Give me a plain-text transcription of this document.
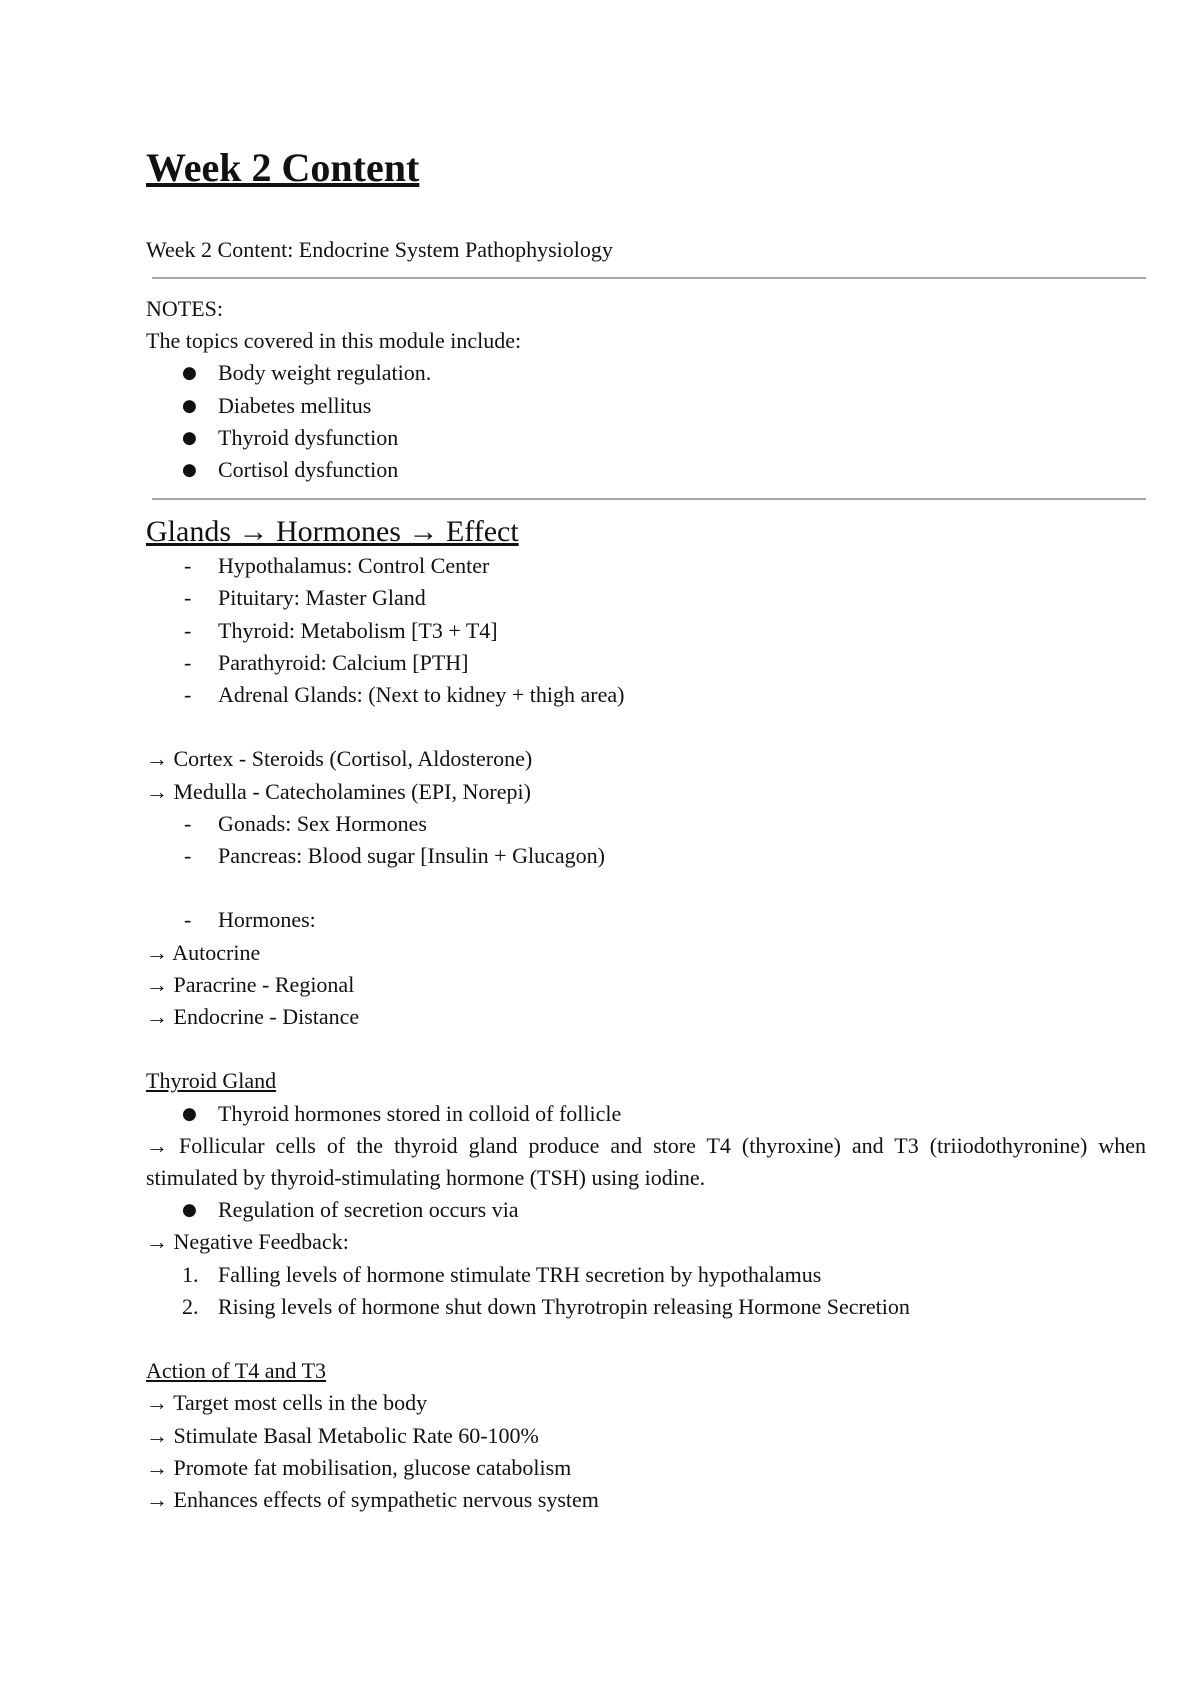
Week 2 Content
Week 2 Content: Endocrine System Pathophysiology
NOTES:
The topics covered in this module include:
● Body weight regulation.
● Diabetes mellitus
● Thyroid dysfunction
● Cortisol dysfunction
Glands → Hormones → Effect
-	Hypothalamus: Control Center
-	Pituitary: Master Gland
-	Thyroid: Metabolism [T3 + T4]
-	Parathyroid: Calcium [PTH]
-	Adrenal Glands: (Next to kidney + thigh area)
→ Cortex - Steroids (Cortisol, Aldosterone)
→ Medulla - Catecholamines (EPI, Norepi)
-	Gonads: Sex Hormones
-	Pancreas: Blood sugar [Insulin + Glucagon)
-	Hormones:
→ Autocrine
→ Paracrine - Regional
→ Endocrine - Distance
Thyroid Gland
● Thyroid hormones stored in colloid of follicle
→ Follicular cells of the thyroid gland produce and store T4 (thyroxine) and T3 (triiodothyronine) when stimulated by thyroid-stimulating hormone (TSH) using iodine.
● Regulation of secretion occurs via
→ Negative Feedback:
1. Falling levels of hormone stimulate TRH secretion by hypothalamus
2. Rising levels of hormone shut down Thyrotropin releasing Hormone Secretion
Action of T4 and T3
→ Target most cells in the body
→ Stimulate Basal Metabolic Rate 60-100%
→ Promote fat mobilisation, glucose catabolism
→ Enhances effects of sympathetic nervous system
